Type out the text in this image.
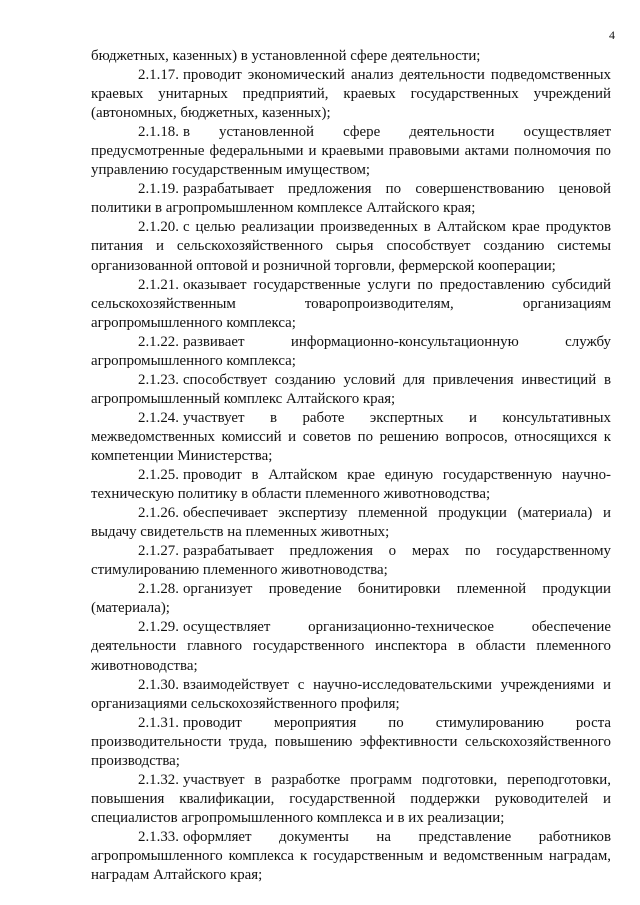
4

бюджетных, казенных) в установленной сфере деятельности;

2.1.17. проводит экономический анализ деятельности подведомственных краевых унитарных предприятий, краевых государственных учреждений (автономных, бюджетных, казенных);

2.1.18. в установленной сфере деятельности осуществляет предусмотренные федеральными и краевыми правовыми актами полномочия по управлению государственным имуществом;

2.1.19. разрабатывает предложения по совершенствованию ценовой политики в агропромышленном комплексе Алтайского края;

2.1.20. с целью реализации произведенных в Алтайском крае продуктов питания и сельскохозяйственного сырья способствует созданию системы организованной оптовой и розничной торговли, фермерской кооперации;

2.1.21. оказывает государственные услуги по предоставлению субсидий сельскохозяйственным товаропроизводителям, организациям агропромышленного комплекса;

2.1.22. развивает информационно-консультационную службу агропромышленного комплекса;

2.1.23. способствует созданию условий для привлечения инвестиций в агропромышленный комплекс Алтайского края;

2.1.24. участвует в работе экспертных и консультативных межведомственных комиссий и советов по решению вопросов, относящихся к компетенции Министерства;

2.1.25. проводит в Алтайском крае единую государственную научно-техническую политику в области племенного животноводства;

2.1.26. обеспечивает экспертизу племенной продукции (материала) и выдачу свидетельств на племенных животных;

2.1.27. разрабатывает предложения о мерах по государственному стимулированию племенного животноводства;

2.1.28. организует проведение бонитировки племенной продукции (материала);

2.1.29. осуществляет организационно-техническое обеспечение деятельности главного государственного инспектора в области племенного животноводства;

2.1.30. взаимодействует с научно-исследовательскими учреждениями и организациями сельскохозяйственного профиля;

2.1.31. проводит мероприятия по стимулированию роста производительности труда, повышению эффективности сельскохозяйственного производства;

2.1.32. участвует в разработке программ подготовки, переподготовки, повышения квалификации, государственной поддержки руководителей и специалистов агропромышленного комплекса и в их реализации;

2.1.33. оформляет документы на представление работников агропромышленного комплекса к государственным и ведомственным наградам, наградам Алтайского края;
